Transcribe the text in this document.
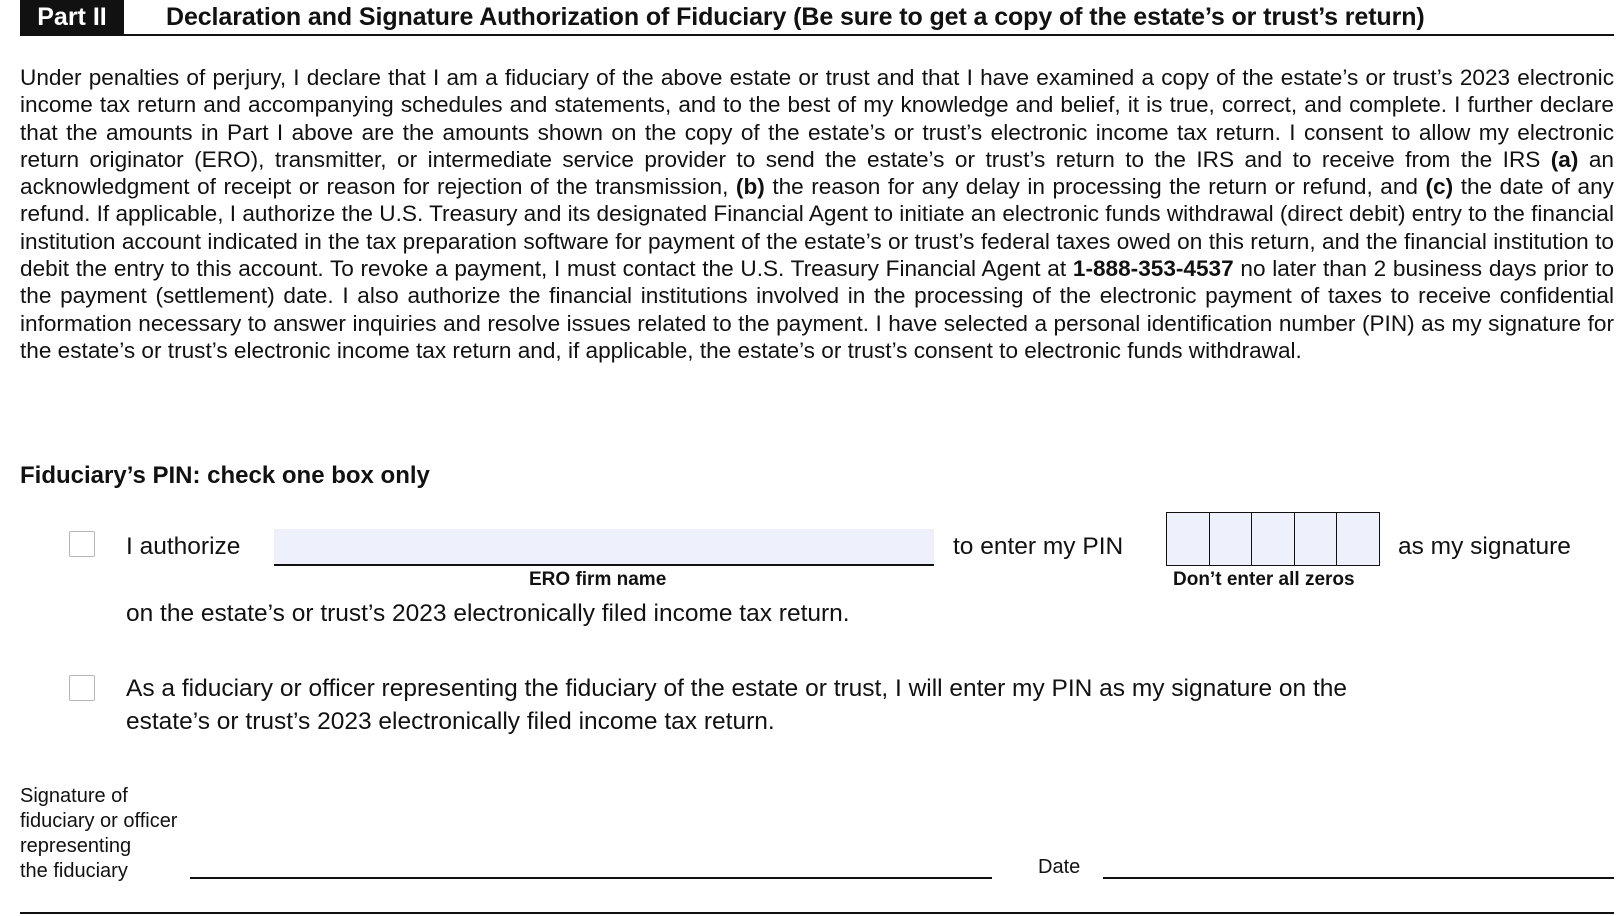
Part II	Declaration and Signature Authorization of Fiduciary (Be sure to get a copy of the estate’s or trust’s return)
Under penalties of perjury, I declare that I am a fiduciary of the above estate or trust and that I have examined a copy of the estate’s or trust’s 2023 electronic income tax return and accompanying schedules and statements, and to the best of my knowledge and belief, it is true, correct, and complete. I further declare that the amounts in Part I above are the amounts shown on the copy of the estate’s or trust’s electronic income tax return. I consent to allow my electronic return originator (ERO), transmitter, or intermediate service provider to send the estate’s or trust’s return to the IRS and to receive from the IRS (a) an acknowledgment of receipt or reason for rejection of the transmission, (b) the reason for any delay in processing the return or refund, and (c) the date of any refund. If applicable, I authorize the U.S. Treasury and its designated Financial Agent to initiate an electronic funds withdrawal (direct debit) entry to the financial institution account indicated in the tax preparation software for payment of the estate’s or trust’s federal taxes owed on this return, and the financial institution to debit the entry to this account. To revoke a payment, I must contact the U.S. Treasury Financial Agent at 1-888-353-4537 no later than 2 business days prior to the payment (settlement) date. I also authorize the financial institutions involved in the processing of the electronic payment of taxes to receive confidential information necessary to answer inquiries and resolve issues related to the payment. I have selected a personal identification number (PIN) as my signature for the estate’s or trust’s electronic income tax return and, if applicable, the estate’s or trust’s consent to electronic funds withdrawal.
Fiduciary’s PIN: check one box only
I authorize
ERO firm name
to enter my PIN
Don’t enter all zeros
as my signature
on the estate’s or trust’s 2023 electronically filed income tax return.
As a fiduciary or officer representing the fiduciary of the estate or trust, I will enter my PIN as my signature on the
estate’s or trust’s 2023 electronically filed income tax return.
Signature of
fiduciary or officer
representing
the fiduciary	Date
